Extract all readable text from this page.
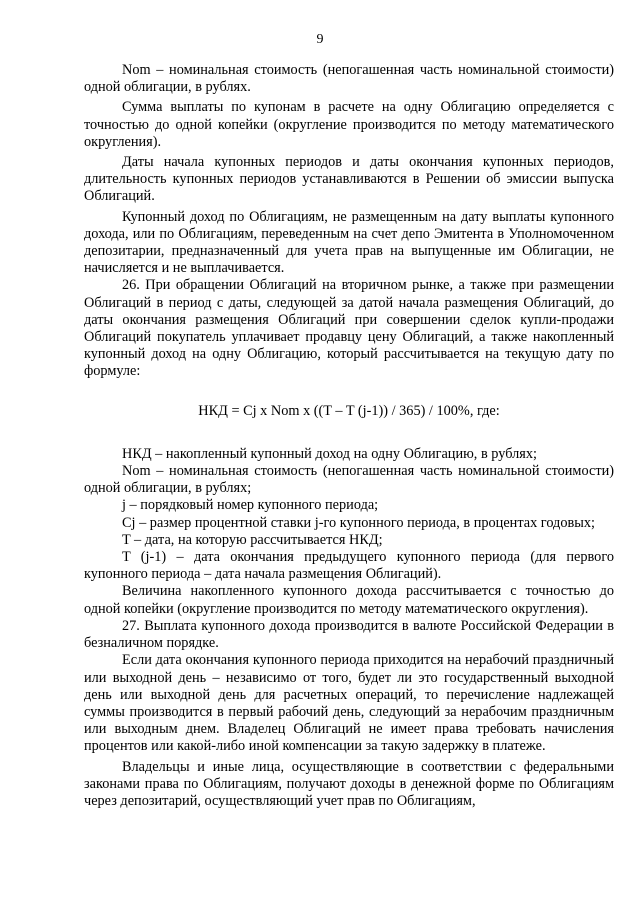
9

Nom – номинальная стоимость (непогашенная часть номинальной стоимости) одной облигации, в рублях.

Сумма выплаты по купонам в расчете на одну Облигацию определяется с точностью до одной копейки (округление производится по методу математического округления).

Даты начала купонных периодов и даты окончания купонных периодов, длительность купонных периодов устанавливаются в Решении об эмиссии выпуска Облигаций.

Купонный доход по Облигациям, не размещенным на дату выплаты купонного дохода, или по Облигациям, переведенным на счет депо Эмитента в Уполномоченном депозитарии, предназначенный для учета прав на выпущенные им Облигации, не начисляется и не выплачивается.

26. При обращении Облигаций на вторичном рынке, а также при размещении Облигаций в период с даты, следующей за датой начала размещения Облигаций, до даты окончания размещения Облигаций при совершении сделок купли-продажи Облигаций покупатель уплачивает продавцу цену Облигаций, а также накопленный купонный доход на одну Облигацию, который рассчитывается на текущую дату по формуле:

НКД = Cj x Nom x ((T – T (j-1)) / 365) / 100%, где:

НКД – накопленный купонный доход на одну Облигацию, в рублях;

Nom – номинальная стоимость (непогашенная часть номинальной стоимости) одной облигации, в рублях;

j – порядковый номер купонного периода;

Cj – размер процентной ставки j-го купонного периода, в процентах годовых;

T – дата, на которую рассчитывается НКД;

T (j-1) – дата окончания предыдущего купонного периода (для первого купонного периода – дата начала размещения Облигаций).

Величина накопленного купонного дохода рассчитывается с точностью до одной копейки (округление производится по методу математического округления).

27. Выплата купонного дохода производится в валюте Российской Федерации в безналичном порядке.

Если дата окончания купонного периода приходится на нерабочий праздничный или выходной день – независимо от того, будет ли это государственный выходной день или выходной день для расчетных операций, то перечисление надлежащей суммы производится в первый рабочий день, следующий за нерабочим праздничным или выходным днем. Владелец Облигаций не имеет права требовать начисления процентов или какой-либо иной компенсации за такую задержку в платеже.

Владельцы и иные лица, осуществляющие в соответствии с федеральными законами права по Облигациям, получают доходы в денежной форме по Облигациям через депозитарий, осуществляющий учет прав по Облигациям,
